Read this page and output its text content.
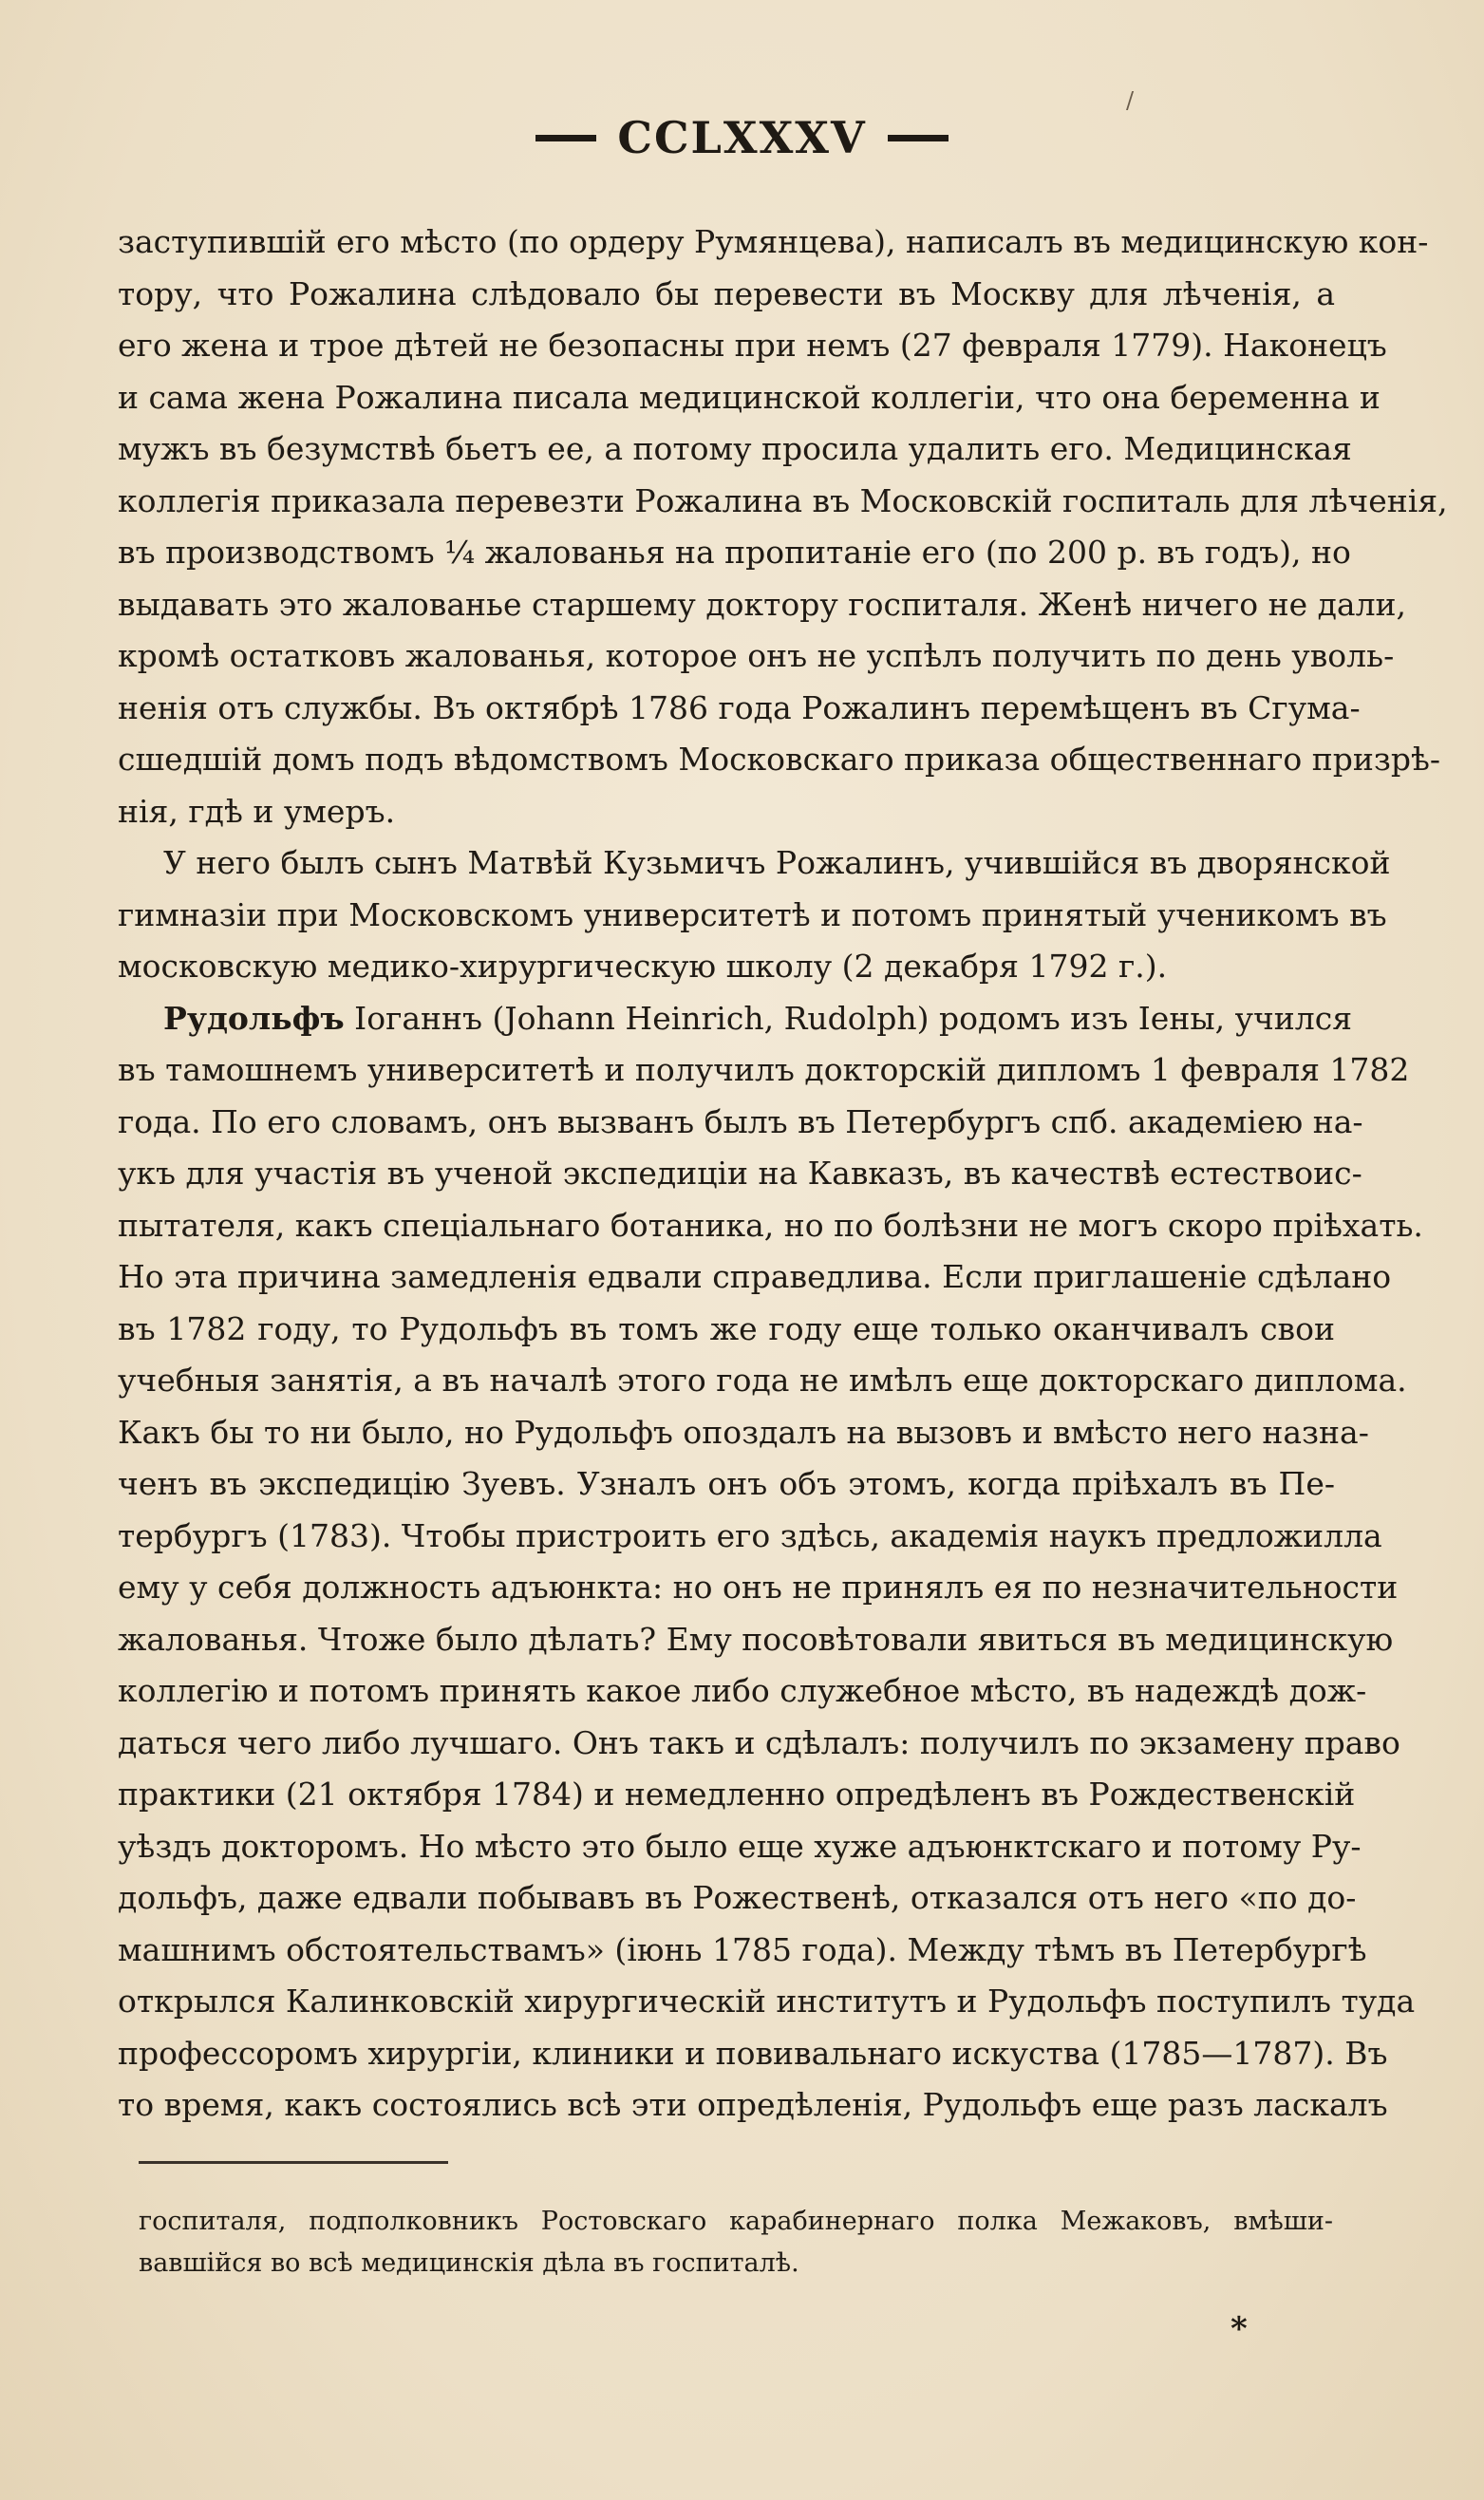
/
CCLXXXV
заступившій его мѣсто (по ордеру Румянцева), написалъ въ медицинскую кон-
тору, что Рожалина слѣдовало бы перевести въ Москву для лѣченія, а
его жена и трое дѣтей не безопасны при немъ (27 февраля 1779). Наконецъ
и сама жена Рожалина писала медицинской коллегіи, что она беременна и
мужъ въ безумствѣ бьетъ ее, а потому просила удалить его. Медицинская
коллегія приказала перевезти Рожалина въ Московскій госпиталь для лѣченія,
въ производствомъ ¼ жалованья на пропитаніе его (по 200 р. въ годъ), но
выдавать это жалованье старшему доктору госпиталя. Женѣ ничего не дали,
кромѣ остатковъ жалованья, которое онъ не успѣлъ получить по день уволь-
ненія отъ службы. Въ октябрѣ 1786 года Рожалинъ перемѣщенъ въ Сгума-
сшедшій домъ подъ вѣдомствомъ Московскаго приказа общественнаго призрѣ-
нія, гдѣ и умеръ.
У него былъ сынъ Матвѣй Кузьмичъ Рожалинъ, учившійся въ дворянской
гимназіи при Московскомъ университетѣ и потомъ принятый ученикомъ въ
московскую медико-хирургическую школу (2 декабря 1792 г.).
Рудольфъ Іоганнъ (Johann Heinrich, Rudolph) родомъ изъ Іены, учился
въ тамошнемъ университетѣ и получилъ докторскій дипломъ 1 февраля 1782
года. По его словамъ, онъ вызванъ былъ въ Петербургъ спб. академіею на-
укъ для участія въ ученой экспедиціи на Кавказъ, въ качествѣ естествоис-
пытателя, какъ спеціальнаго ботаника, но по болѣзни не могъ скоро пріѣхать.
Но эта причина замедленія едвали справедлива. Если приглашеніе сдѣлано
въ 1782 году, то Рудольфъ въ томъ же году еще только оканчивалъ свои
учебныя занятія, а въ началѣ этого года не имѣлъ еще докторскаго диплома.
Какъ бы то ни было, но Рудольфъ опоздалъ на вызовъ и вмѣсто него назна-
ченъ въ экспедицію Зуевъ. Узналъ онъ объ этомъ, когда пріѣхалъ въ Пе-
тербургъ (1783). Чтобы пристроить его здѣсь, академія наукъ предложилла
ему у себя должность адъюнкта: но онъ не принялъ ея по незначительности
жалованья. Чтоже было дѣлать? Ему посовѣтовали явиться въ медицинскую
коллегію и потомъ принять какое либо служебное мѣсто, въ надеждѣ дож-
даться чего либо лучшаго. Онъ такъ и сдѣлалъ: получилъ по экзамену право
практики (21 октября 1784) и немедленно опредѣленъ въ Рождественскій
уѣздъ докторомъ. Но мѣсто это было еще хуже адъюнктскаго и потому Ру-
дольфъ, даже едвали побывавъ въ Рожественѣ, отказался отъ него «по до-
машнимъ обстоятельствамъ» (іюнь 1785 года). Между тѣмъ въ Петербургѣ
открылся Калинковскій хирургическій институтъ и Рудольфъ поступилъ туда
профессоромъ хирургіи, клиники и повивальнаго искуства (1785—1787). Въ
то время, какъ состоялись всѣ эти опредѣленія, Рудольфъ еще разъ ласкалъ
госпиталя, подполковникъ Ростовскаго карабинернаго полка Межаковъ, вмѣши-
вавшійся во всѣ медицинскія дѣла въ госпиталѣ.
*
